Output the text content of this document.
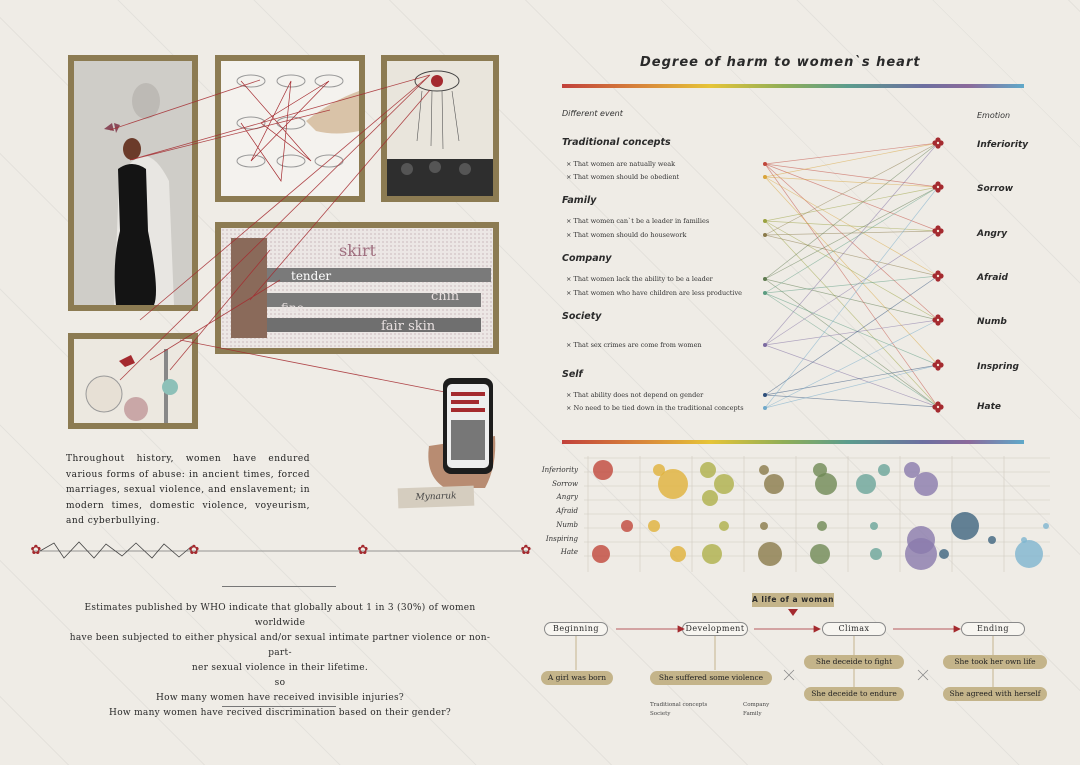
skirt
tender
chin
fine
fair skin
Mynaruk

Throughout history, women have endured various forms of abuse: in ancient times, forced marriages, sexual violence, and enslavement; in modern times, domestic violence, voyeurism, and cyberbullying.

✿	✿	✿	✿
Estimates published by WHO indicate that globally about 1 in 3 (30%) of women worldwide
have been subjected to either physical and/or sexual intimate partner violence or non-part-
ner sexual violence in their lifetime.
so
How many women have received invisible injuries?
How many women have recived discrimination based on their gender?
Degree of harm to women`s heart
Different event	Emotion
Traditional concepts
× That women are natually weak
× That women should be obedient
Family
× That women can`t be a leader in families
× That women should do housework
Company
× That women lack the ability to be a leader
× That women who have children are less productive
Society
× That sex crimes are come from women
Self
× That ability does not depend on gender
× No need to be tied down in the traditional concepts
Inferiority
Sorrow
Angry
Afraid
Numb
Inspring
Hate
Inferiority
Sorrow
Angry
Afraid
Numb
Inspiring
Hate
A life of a woman
Beginning	Development	Climax	Ending
A girl was born	She suffered some violence
She deceide to fight
She deceide to endure
She took her own life
She agreed with herself
Traditional concepts	Company
Society	Family
